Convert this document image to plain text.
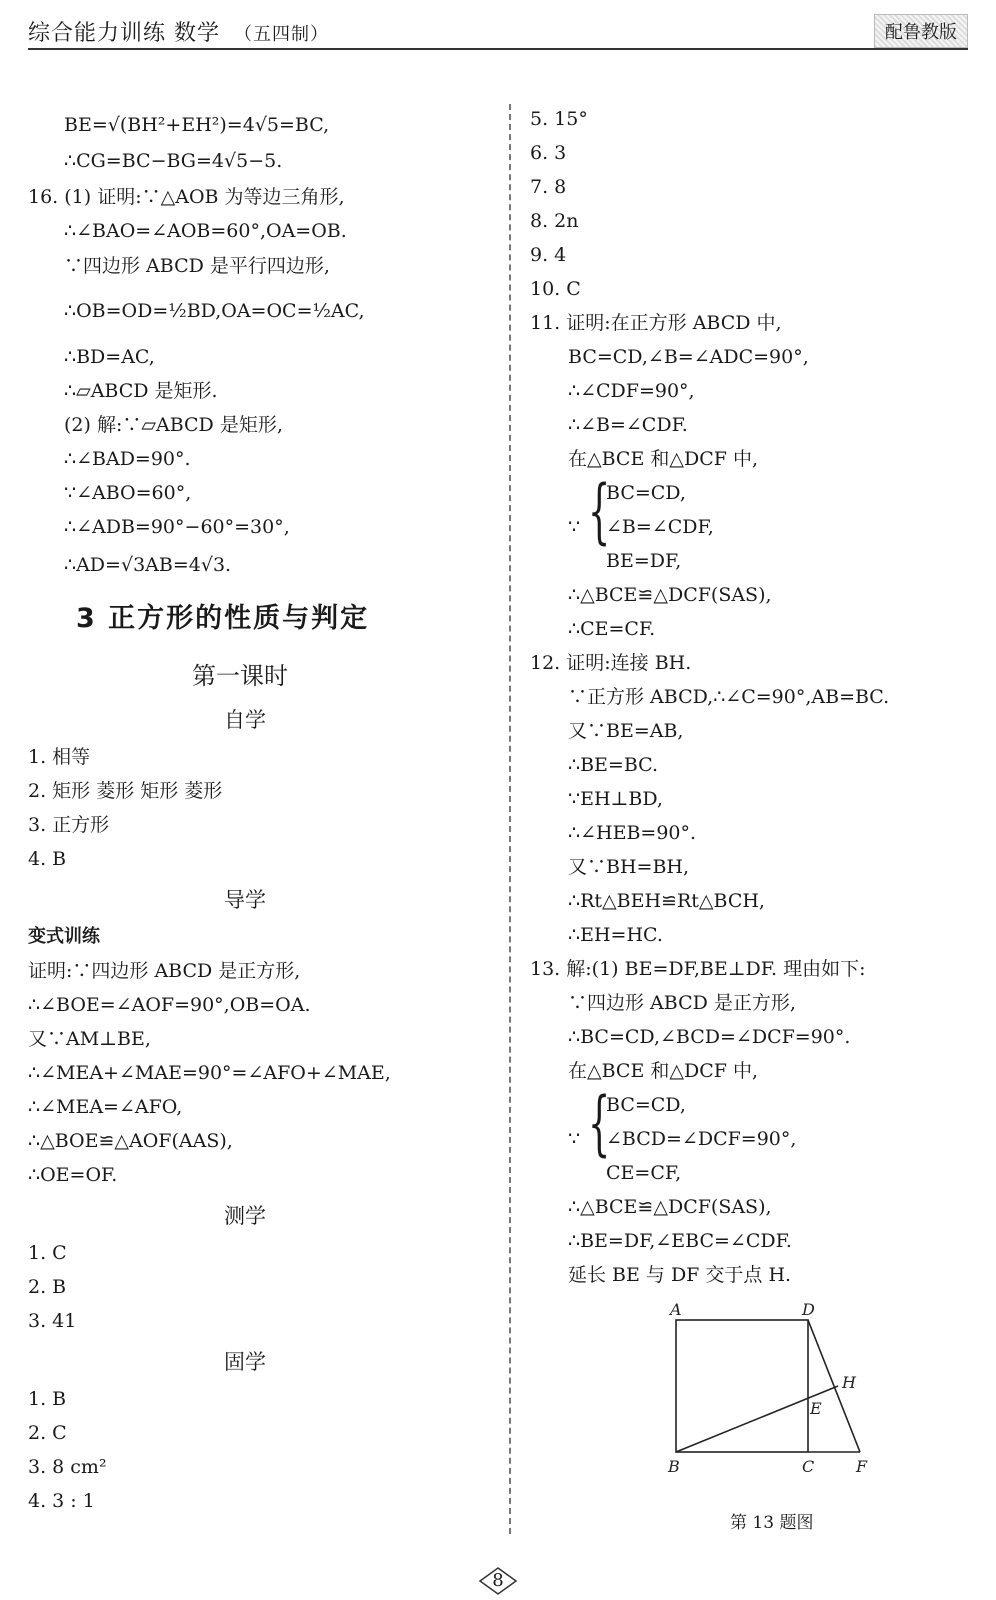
综合能力训练 数学 （五四制）	配鲁教版
BE=√(BH²+EH²)=4√5=BC,
∴CG=BC−BG=4√5−5.
16. (1) 证明:∵△AOB 为等边三角形,
∴∠BAO=∠AOB=60°,OA=OB.
∵四边形 ABCD 是平行四边形,
∴OB=OD=½BD,OA=OC=½AC,
∴BD=AC,
∴▱ABCD 是矩形.
(2) 解:∵▱ABCD 是矩形,
∴∠BAD=90°.
∵∠ABO=60°,
∴∠ADB=90°−60°=30°,
∴AD=√3AB=4√3.
3 正方形的性质与判定
第一课时
自学
1. 相等
2. 矩形 菱形 矩形 菱形
3. 正方形
4. B
导学
变式训练
证明:∵四边形 ABCD 是正方形,
∴∠BOE=∠AOF=90°,OB=OA.
又∵AM⊥BE,
∴∠MEA+∠MAE=90°=∠AFO+∠MAE,
∴∠MEA=∠AFO,
∴△BOE≌△AOF(AAS),
∴OE=OF.
测学
1. C
2. B
3. 41
固学
1. B
2. C
3. 8 cm²
4. 3 : 1
5. 15°
6. 3
7. 8
8. 2n
9. 4
10. C
11. 证明:在正方形 ABCD 中,
BC=CD,∠B=∠ADC=90°,
∴∠CDF=90°,
∴∠B=∠CDF.
在△BCE 和△DCF 中,
∵ {
BC=CD,
∠B=∠CDF,
BE=DF,
∴△BCE≌△DCF(SAS),
∴CE=CF.
12. 证明:连接 BH.
∵正方形 ABCD,∴∠C=90°,AB=BC.
又∵BE=AB,
∴BE=BC.
∵EH⊥BD,
∴∠HEB=90°.
又∵BH=BH,
∴Rt△BEH≌Rt△BCH,
∴EH=HC.
13. 解:(1) BE=DF,BE⊥DF. 理由如下:
∵四边形 ABCD 是正方形,
∴BC=CD,∠BCD=∠DCF=90°.
在△BCE 和△DCF 中,
∵ {
BC=CD,
∠BCD=∠DCF=90°,
CE=CF,
∴△BCE≌△DCF(SAS),
∴BE=DF,∠EBC=∠CDF.
延长 BE 与 DF 交于点 H.
A	D
H
E
B	C	F
第 13 题图
8
